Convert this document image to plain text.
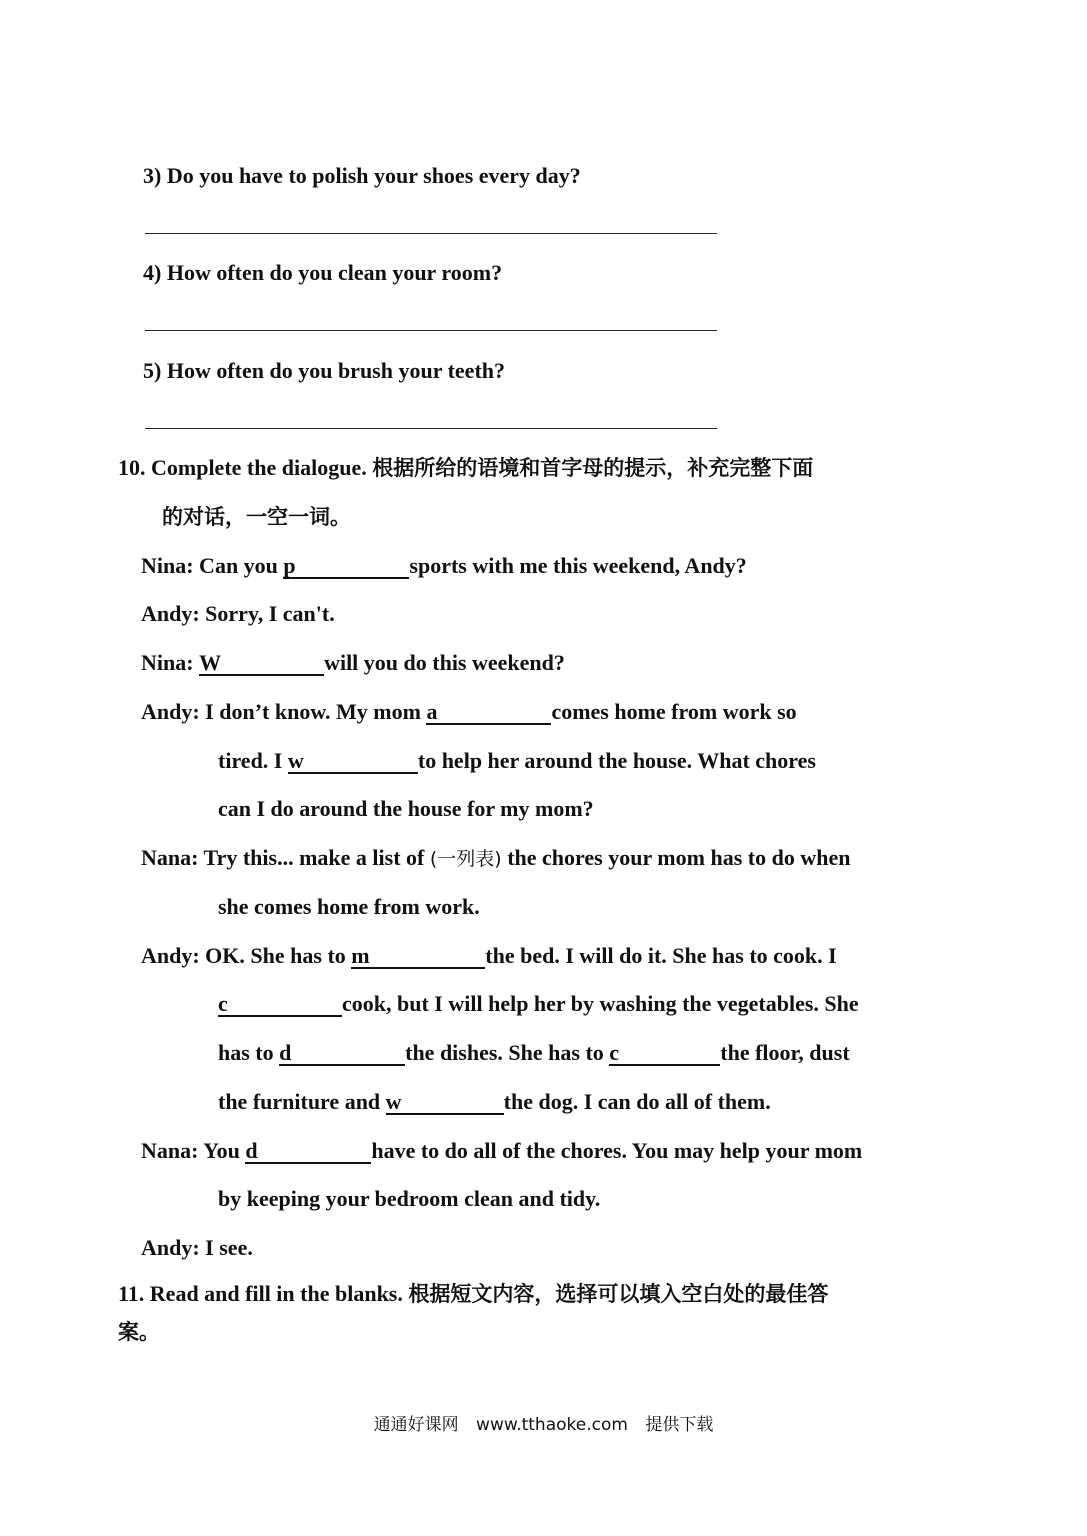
3) Do you have to polish your shoes every day?
4) How often do you clean your room?
5) How often do you brush your teeth?
10. Complete the dialogue. 根据所给的语境和首字母的提示，补充完整下面
的对话，一空一词。
Nina: Can you p	sports with me this weekend, Andy?
Andy: Sorry, I can't.
Nina: W	will you do this weekend?
Andy: I don’t know. My mom a	comes home from work so
tired. I w	to help her around the house. What chores
can I do around the house for my mom?
Nana: Try this... make a list of (一列表) the chores your mom has to do when
she comes home from work.
Andy: OK. She has to m	the bed. I will do it. She has to cook. I
c	cook, but I will help her by washing the vegetables. She
has to d	the dishes. She has to c	the floor, dust
the furniture and w	the dog. I can do all of them.
Nana: You d	have to do all of the chores. You may help your mom
by keeping your bedroom clean and tidy.
Andy: I see.
11. Read and fill in the blanks. 根据短文内容，选择可以填入空白处的最佳答
案。
通通好课网 www.tthaoke.com 提供下载
